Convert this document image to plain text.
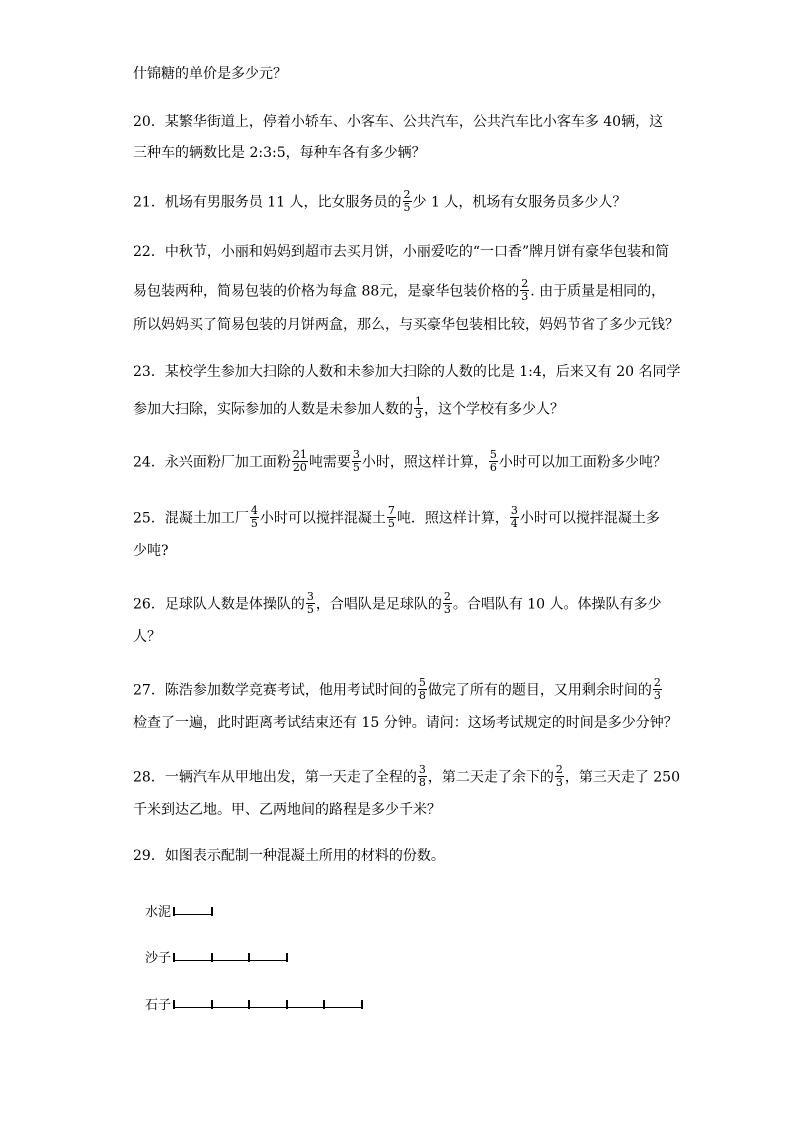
什锦糖的单价是多少元？
20．某繁华街道上，停着小轿车、小客车、公共汽车，公共汽车比小客车多 40辆，这
三种车的辆数比是 2:3:5，每种车各有多少辆？
21．机场有男服务员 11 人，比女服务员的 $\frac{2}{5}$ 少 1 人，机场有女服务员多少人？
22．中秋节，小丽和妈妈到超市去买月饼，小丽爱吃的“一口香”牌月饼有豪华包装和简
易包装两种，简易包装的价格为每盒 88元，是豪华包装价格的 $\frac{2}{3}$ . 由于质量是相同的，
所以妈妈买了简易包装的月饼两盒，那么，与买豪华包装相比较，妈妈节省了多少元钱？
23．某校学生参加大扫除的人数和未参加大扫除的人数的比是 1:4，后来又有 20 名同学
参加大扫除，实际参加的人数是未参加人数的 $\frac{1}{3}$ ，这个学校有多少人？
24．永兴面粉厂加工面粉 $\frac{21}{20}$ 吨需要 $\frac{3}{5}$ 小时，照这样计算， $\frac{5}{6}$ 小时可以加工面粉多少吨？
25．混凝土加工厂 $\frac{4}{5}$ 小时可以搅拌混凝土 $\frac{7}{5}$ 吨．照这样计算， $\frac{3}{4}$ 小时可以搅拌混凝土多
少吨?
26．足球队人数是体操队的 $\frac{3}{5}$ ，合唱队是足球队的 $\frac{2}{3}$ 。合唱队有 10 人。体操队有多少
人？
27．陈浩参加数学竞赛考试，他用考试时间的 $\frac{5}{8}$ 做完了所有的题目，又用剩余时间的 $\frac{2}{3}$
检查了一遍，此时距离考试结束还有 15 分钟。请问：这场考试规定的时间是多少分钟？
28．一辆汽车从甲地出发，第一天走了全程的 $\frac{3}{8}$ ，第二天走了余下的 $\frac{2}{3}$ ，第三天走了 250
千米到达乙地。甲、乙两地间的路程是多少千米？
29．如图表示配制一种混凝土所用的材料的份数。
水泥
沙子
石子
